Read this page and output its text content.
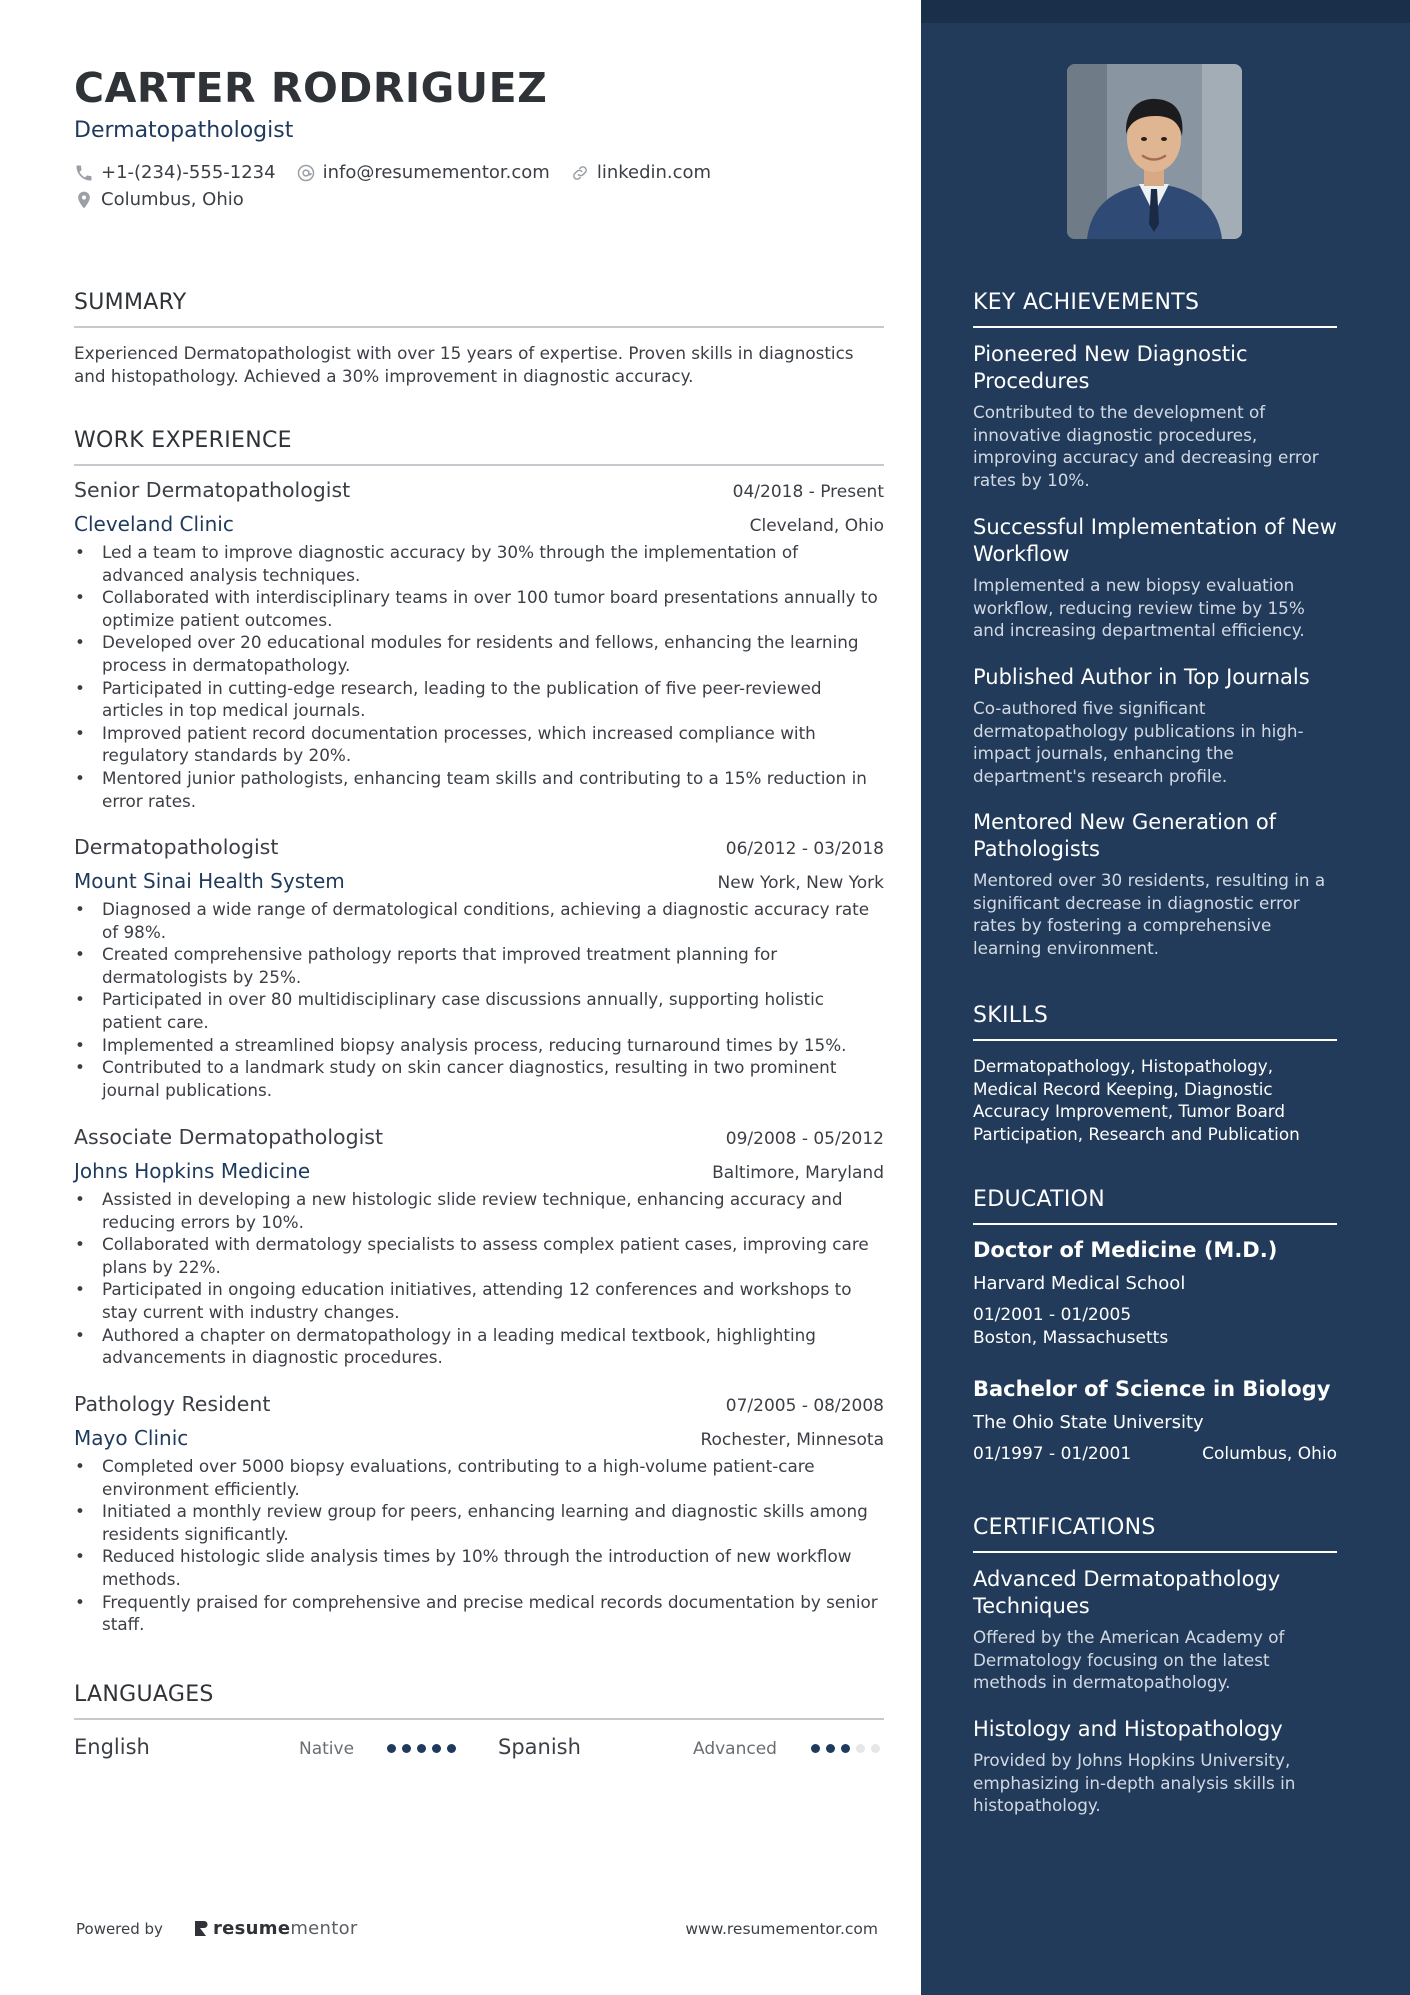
CARTER RODRIGUEZ
Dermatopathologist
+1-(234)-555-1234	info@resumementor.com	linkedin.com
Columbus, Ohio
SUMMARY
Experienced Dermatopathologist with over 15 years of expertise. Proven skills in diagnostics and histopathology. Achieved a 30% improvement in diagnostic accuracy.
WORK EXPERIENCE
Senior Dermatopathologist	04/2018 - Present
Cleveland Clinic	Cleveland, Ohio
• Led a team to improve diagnostic accuracy by 30% through the implementation of advanced analysis techniques.
• Collaborated with interdisciplinary teams in over 100 tumor board presentations annually to optimize patient outcomes.
• Developed over 20 educational modules for residents and fellows, enhancing the learning process in dermatopathology.
• Participated in cutting-edge research, leading to the publication of five peer-reviewed articles in top medical journals.
• Improved patient record documentation processes, which increased compliance with regulatory standards by 20%.
• Mentored junior pathologists, enhancing team skills and contributing to a 15% reduction in error rates.
Dermatopathologist	06/2012 - 03/2018
Mount Sinai Health System	New York, New York
• Diagnosed a wide range of dermatological conditions, achieving a diagnostic accuracy rate of 98%.
• Created comprehensive pathology reports that improved treatment planning for dermatologists by 25%.
• Participated in over 80 multidisciplinary case discussions annually, supporting holistic patient care.
• Implemented a streamlined biopsy analysis process, reducing turnaround times by 15%.
• Contributed to a landmark study on skin cancer diagnostics, resulting in two prominent journal publications.
Associate Dermatopathologist	09/2008 - 05/2012
Johns Hopkins Medicine	Baltimore, Maryland
• Assisted in developing a new histologic slide review technique, enhancing accuracy and reducing errors by 10%.
• Collaborated with dermatology specialists to assess complex patient cases, improving care plans by 22%.
• Participated in ongoing education initiatives, attending 12 conferences and workshops to stay current with industry changes.
• Authored a chapter on dermatopathology in a leading medical textbook, highlighting advancements in diagnostic procedures.
Pathology Resident	07/2005 - 08/2008
Mayo Clinic	Rochester, Minnesota
• Completed over 5000 biopsy evaluations, contributing to a high-volume patient-care environment efficiently.
• Initiated a monthly review group for peers, enhancing learning and diagnostic skills among residents significantly.
• Reduced histologic slide analysis times by 10% through the introduction of new workflow methods.
• Frequently praised for comprehensive and precise medical records documentation by senior staff.
LANGUAGES
English	Native	Spanish	Advanced
Powered by	resume mentor	www.resumementor.com
KEY ACHIEVEMENTS
Pioneered New Diagnostic Procedures
Contributed to the development of innovative diagnostic procedures, improving accuracy and decreasing error rates by 10%.
Successful Implementation of New Workflow
Implemented a new biopsy evaluation workflow, reducing review time by 15% and increasing departmental efficiency.
Published Author in Top Journals
Co-authored five significant dermatopathology publications in high-impact journals, enhancing the department's research profile.
Mentored New Generation of Pathologists
Mentored over 30 residents, resulting in a significant decrease in diagnostic error rates by fostering a comprehensive learning environment.
SKILLS
Dermatopathology, Histopathology, Medical Record Keeping, Diagnostic Accuracy Improvement, Tumor Board Participation, Research and Publication
EDUCATION
Doctor of Medicine (M.D.)
Harvard Medical School
01/2001 - 01/2005
Boston, Massachusetts
Bachelor of Science in Biology
The Ohio State University
01/1997 - 01/2001	Columbus, Ohio
CERTIFICATIONS
Advanced Dermatopathology Techniques
Offered by the American Academy of Dermatology focusing on the latest methods in dermatopathology.
Histology and Histopathology
Provided by Johns Hopkins University, emphasizing in-depth analysis skills in histopathology.
